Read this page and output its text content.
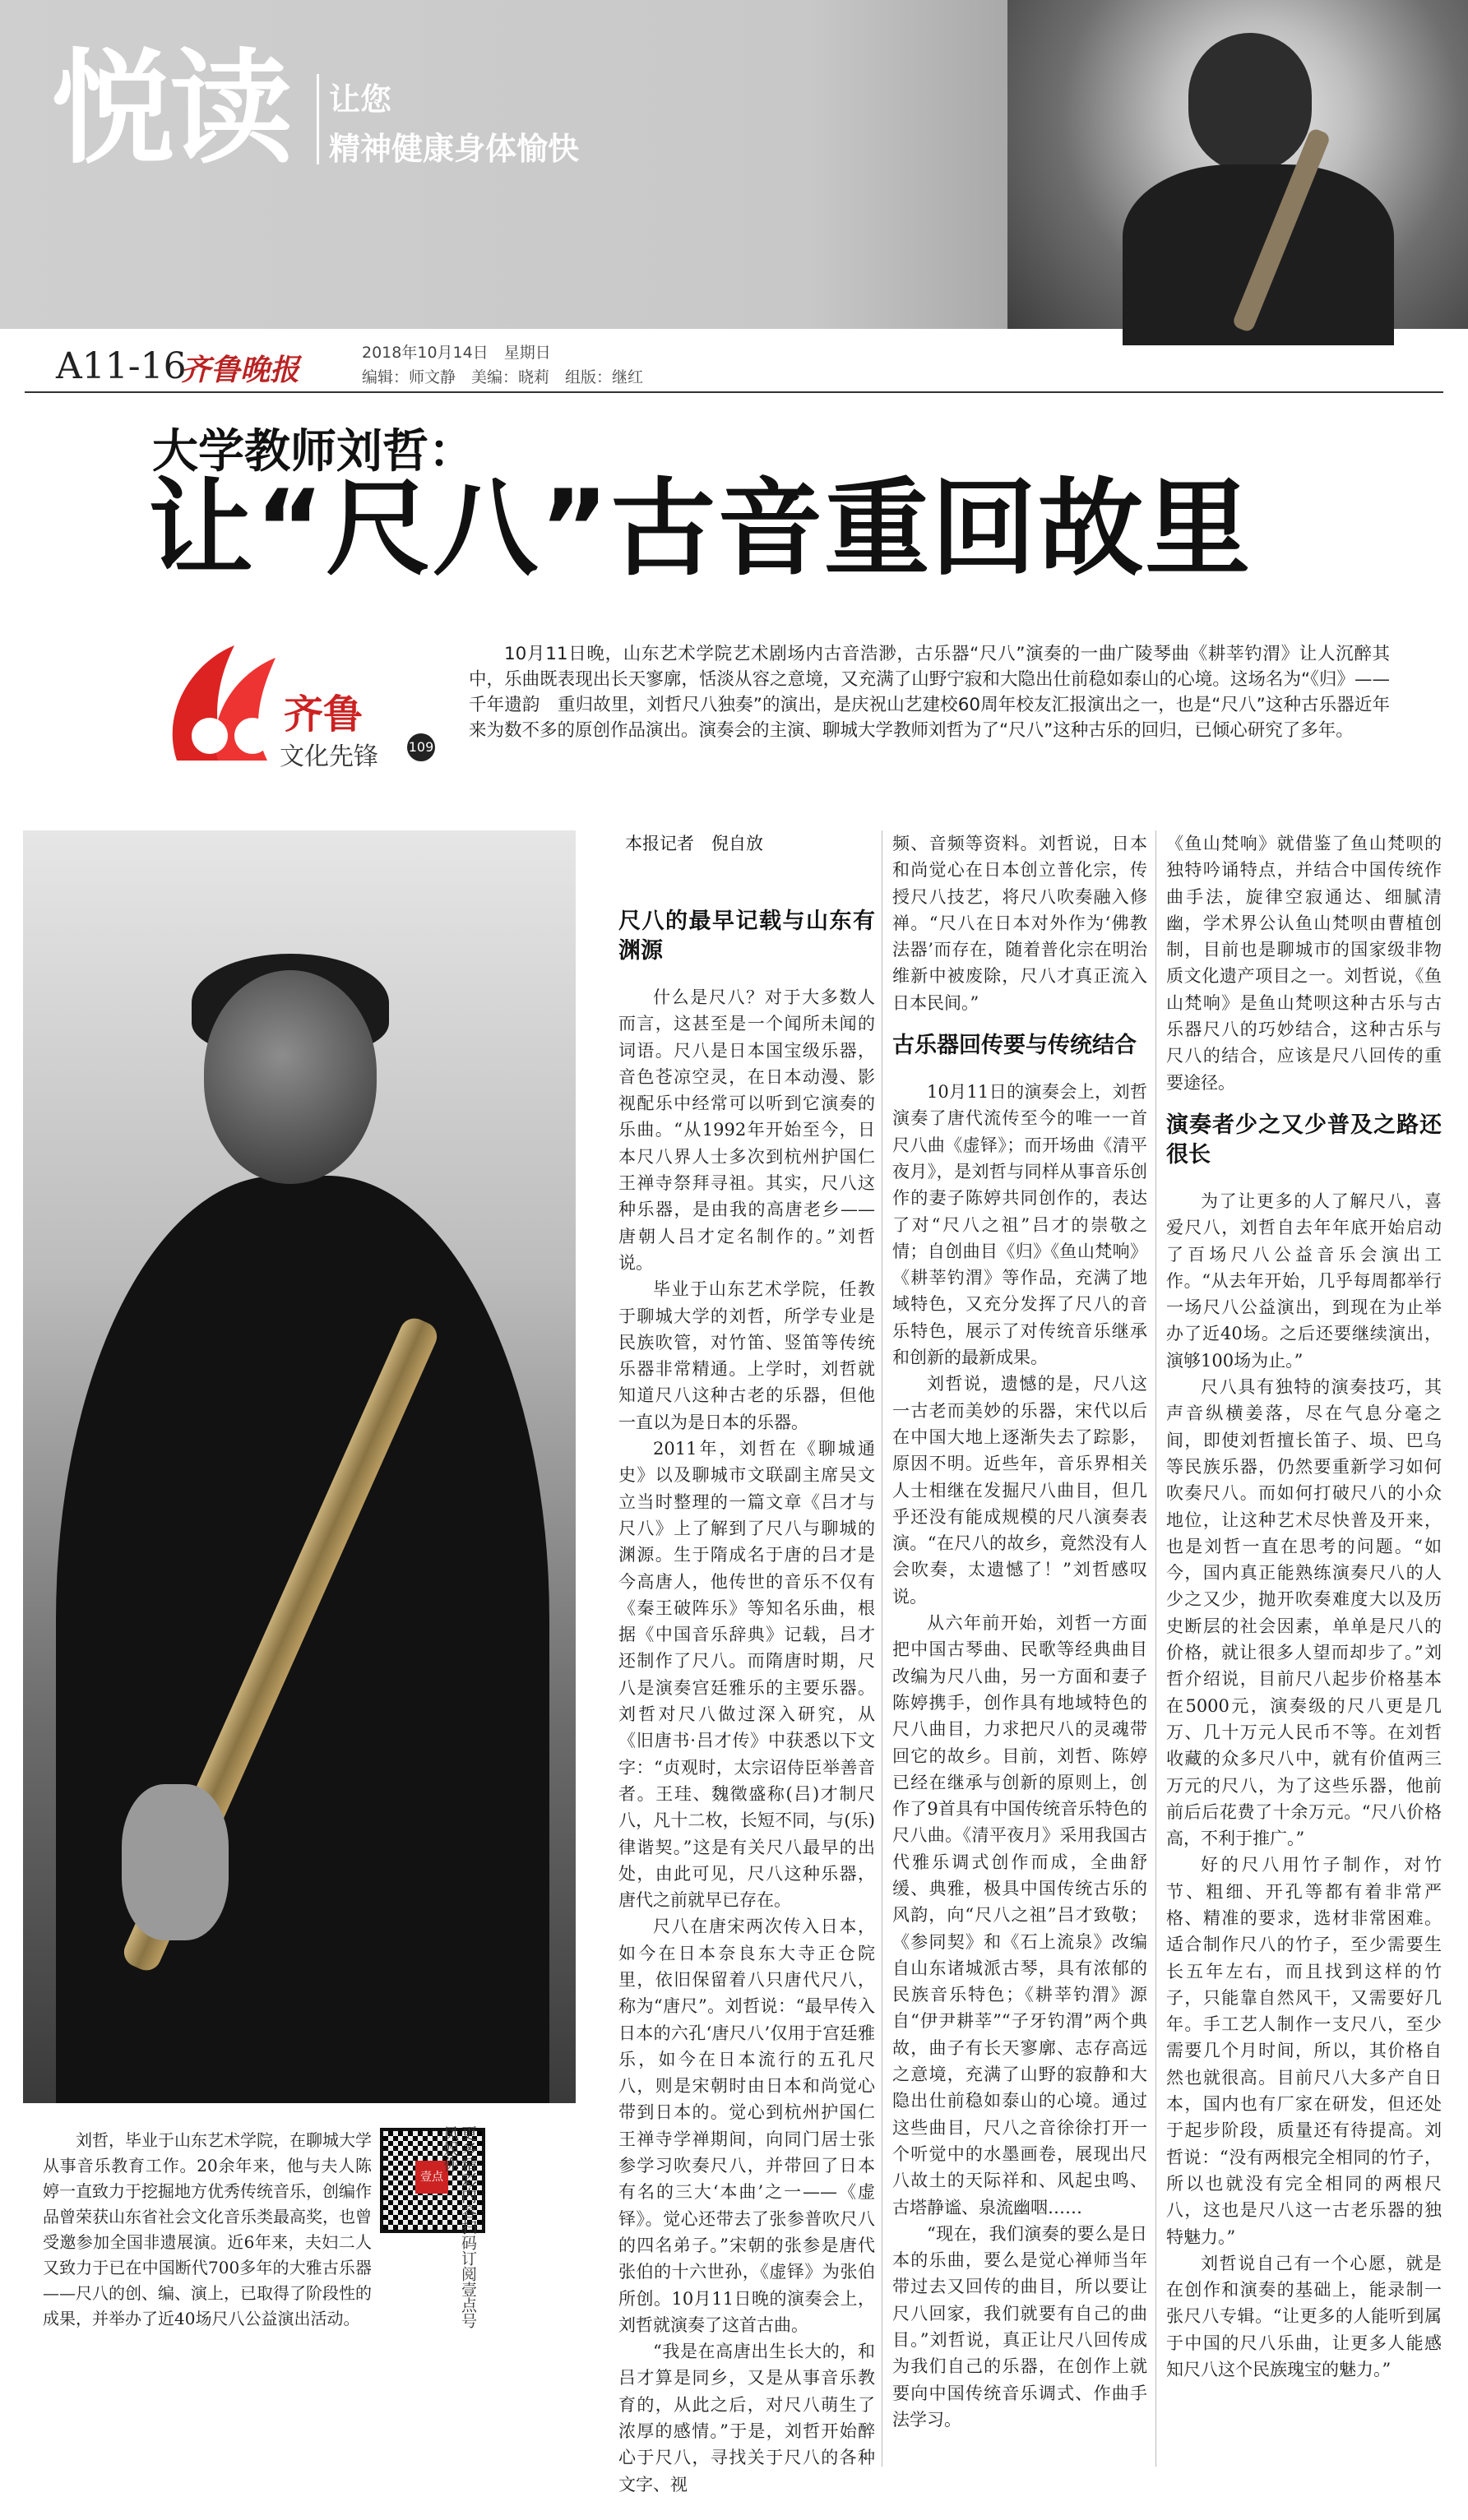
悦读 让您
精神健康身体愉快
A11-16
齐鲁晚报	2018年10月14日　星期日
编辑：师文静　美编：晓莉　组版：继红
大学教师刘哲：
让“尺八”古音重回故里
齐鲁
文化先锋 109
10月11日晚，山东艺术学院艺术剧场内古音浩渺，古乐器“尺八”演奏的一曲广陵琴曲《耕莘钓渭》让人沉醉其中，乐曲既表现出长天寥廓，恬淡从容之意境，又充满了山野宁寂和大隐出仕前稳如泰山的心境。这场名为“《归》——千年遗韵　重归故里，刘哲尺八独奏”的演出，是庆祝山艺建校60周年校友汇报演出之一，也是“尺八”这种古乐器近年来为数不多的原创作品演出。演奏会的主演、聊城大学教师刘哲为了“尺八”这种古乐的回归，已倾心研究了多年。
刘哲，毕业于山东艺术学院，在聊城大学从事音乐教育工作。20余年来，他与夫人陈婷一直致力于挖掘地方优秀传统音乐，创编作品曾荣获山东省社会文化音乐类最高奖，也曾受邀参加全国非遗展演。近6年来，夫妇二人又致力于已在中国断代700多年的大雅古乐器——尺八的创、编、演上，已取得了阶段性的成果，并举办了近40场尺八公益演出活动。
壹点	更多精彩内容扫码订阅壹点号凤娱你
本报记者　倪自放
尺八的最早记载与山东有渊源

什么是尺八？对于大多数人而言，这甚至是一个闻所未闻的词语。尺八是日本国宝级乐器，音色苍凉空灵，在日本动漫、影视配乐中经常可以听到它演奏的乐曲。“从1992年开始至今，日本尺八界人士多次到杭州护国仁王禅寺祭拜寻祖。其实，尺八这种乐器，是由我的高唐老乡——唐朝人吕才定名制作的。”刘哲说。

毕业于山东艺术学院，任教于聊城大学的刘哲，所学专业是民族吹管，对竹笛、竖笛等传统乐器非常精通。上学时，刘哲就知道尺八这种古老的乐器，但他一直以为是日本的乐器。

2011年，刘哲在《聊城通史》以及聊城市文联副主席吴文立当时整理的一篇文章《吕才与尺八》上了解到了尺八与聊城的渊源。生于隋成名于唐的吕才是今高唐人，他传世的音乐不仅有《秦王破阵乐》等知名乐曲，根据《中国音乐辞典》记载，吕才还制作了尺八。而隋唐时期，尺八是演奏宫廷雅乐的主要乐器。刘哲对尺八做过深入研究，从《旧唐书·吕才传》中获悉以下文字：“贞观时，太宗诏侍臣举善音者。王珪、魏徵盛称(吕)才制尺八，凡十二枚，长短不同，与(乐)律谐契。”这是有关尺八最早的出处，由此可见，尺八这种乐器，唐代之前就早已存在。

尺八在唐宋两次传入日本，如今在日本奈良东大寺正仓院里，依旧保留着八只唐代尺八，称为“唐尺”。刘哲说：“最早传入日本的六孔‘唐尺八’仅用于宫廷雅乐，如今在日本流行的五孔尺八，则是宋朝时由日本和尚觉心带到日本的。觉心到杭州护国仁王禅寺学禅期间，向同门居士张参学习吹奏尺八，并带回了日本有名的三大‘本曲’之一——《虚铎》。觉心还带去了张参普吹尺八的四名弟子。”宋朝的张参是唐代张伯的十六世孙，《虚铎》为张伯所创。10月11日晚的演奏会上，刘哲就演奏了这首古曲。

“我是在高唐出生长大的，和吕才算是同乡，又是从事音乐教育的，从此之后，对尺八萌生了浓厚的感情。”于是，刘哲开始醉心于尺八，寻找关于尺八的各种文字、视

频、音频等资料。刘哲说，日本和尚觉心在日本创立普化宗，传授尺八技艺，将尺八吹奏融入修禅。“尺八在日本对外作为‘佛教法器’而存在，随着普化宗在明治维新中被废除，尺八才真正流入日本民间。”

古乐器回传要与传统结合

10月11日的演奏会上，刘哲演奏了唐代流传至今的唯一一首尺八曲《虚铎》；而开场曲《清平夜月》，是刘哲与同样从事音乐创作的妻子陈婷共同创作的，表达了对“尺八之祖”吕才的崇敬之情；自创曲目《归》《鱼山梵响》《耕莘钓渭》等作品，充满了地域特色，又充分发挥了尺八的音乐特色，展示了对传统音乐继承和创新的最新成果。

刘哲说，遗憾的是，尺八这一古老而美妙的乐器，宋代以后在中国大地上逐渐失去了踪影，原因不明。近些年，音乐界相关人士相继在发掘尺八曲目，但几乎还没有能成规模的尺八演奏表演。“在尺八的故乡，竟然没有人会吹奏，太遗憾了！”刘哲感叹说。

从六年前开始，刘哲一方面把中国古琴曲、民歌等经典曲目改编为尺八曲，另一方面和妻子陈婷携手，创作具有地域特色的尺八曲目，力求把尺八的灵魂带回它的故乡。目前，刘哲、陈婷已经在继承与创新的原则上，创作了9首具有中国传统音乐特色的尺八曲。《清平夜月》采用我国古代雅乐调式创作而成，全曲舒缓、典雅，极具中国传统古乐的风韵，向“尺八之祖”吕才致敬；《参同契》和《石上流泉》改编自山东诸城派古琴，具有浓郁的民族音乐特色；《耕莘钓渭》源自“伊尹耕莘”“子牙钓渭”两个典故，曲子有长天寥廓、志存高远之意境，充满了山野的寂静和大隐出仕前稳如泰山的心境。通过这些曲目，尺八之音徐徐打开一个听觉中的水墨画卷，展现出尺八故土的天际祥和、风起虫鸣、古塔静谧、泉流幽咽……

“现在，我们演奏的要么是日本的乐曲，要么是觉心禅师当年带过去又回传的曲目，所以要让尺八回家，我们就要有自己的曲目。”刘哲说，真正让尺八回传成为我们自己的乐器，在创作上就要向中国传统音乐调式、作曲手法学习。

《鱼山梵响》就借鉴了鱼山梵呗的独特吟诵特点，并结合中国传统作曲手法，旋律空寂通达、细腻清幽，学术界公认鱼山梵呗由曹植创制，目前也是聊城市的国家级非物质文化遗产项目之一。刘哲说，《鱼山梵响》是鱼山梵呗这种古乐与古乐器尺八的巧妙结合，这种古乐与尺八的结合，应该是尺八回传的重要途径。

演奏者少之又少普及之路还很长

为了让更多的人了解尺八，喜爱尺八，刘哲自去年年底开始启动了百场尺八公益音乐会演出工作。“从去年开始，几乎每周都举行一场尺八公益演出，到现在为止举办了近40场。之后还要继续演出，演够100场为止。”

尺八具有独特的演奏技巧，其声音纵横姜落，尽在气息分毫之间，即使刘哲擅长笛子、埙、巴乌等民族乐器，仍然要重新学习如何吹奏尺八。而如何打破尺八的小众地位，让这种艺术尽快普及开来，也是刘哲一直在思考的问题。“如今，国内真正能熟练演奏尺八的人少之又少，抛开吹奏难度大以及历史断层的社会因素，单单是尺八的价格，就让很多人望而却步了。”刘哲介绍说，目前尺八起步价格基本在5000元，演奏级的尺八更是几万、几十万元人民币不等。在刘哲收藏的众多尺八中，就有价值两三万元的尺八，为了这些乐器，他前前后后花费了十余万元。“尺八价格高，不利于推广。”

好的尺八用竹子制作，对竹节、粗细、开孔等都有着非常严格、精准的要求，选材非常困难。适合制作尺八的竹子，至少需要生长五年左右，而且找到这样的竹子，只能靠自然风干，又需要好几年。手工艺人制作一支尺八，至少需要几个月时间，所以，其价格自然也就很高。目前尺八大多产自日本，国内也有厂家在研发，但还处于起步阶段，质量还有待提高。刘哲说：“没有两根完全相同的竹子，所以也就没有完全相同的两根尺八，这也是尺八这一古老乐器的独特魅力。”

刘哲说自己有一个心愿，就是在创作和演奏的基础上，能录制一张尺八专辑。“让更多的人能听到属于中国的尺八乐曲，让更多人能感知尺八这个民族瑰宝的魅力。”
